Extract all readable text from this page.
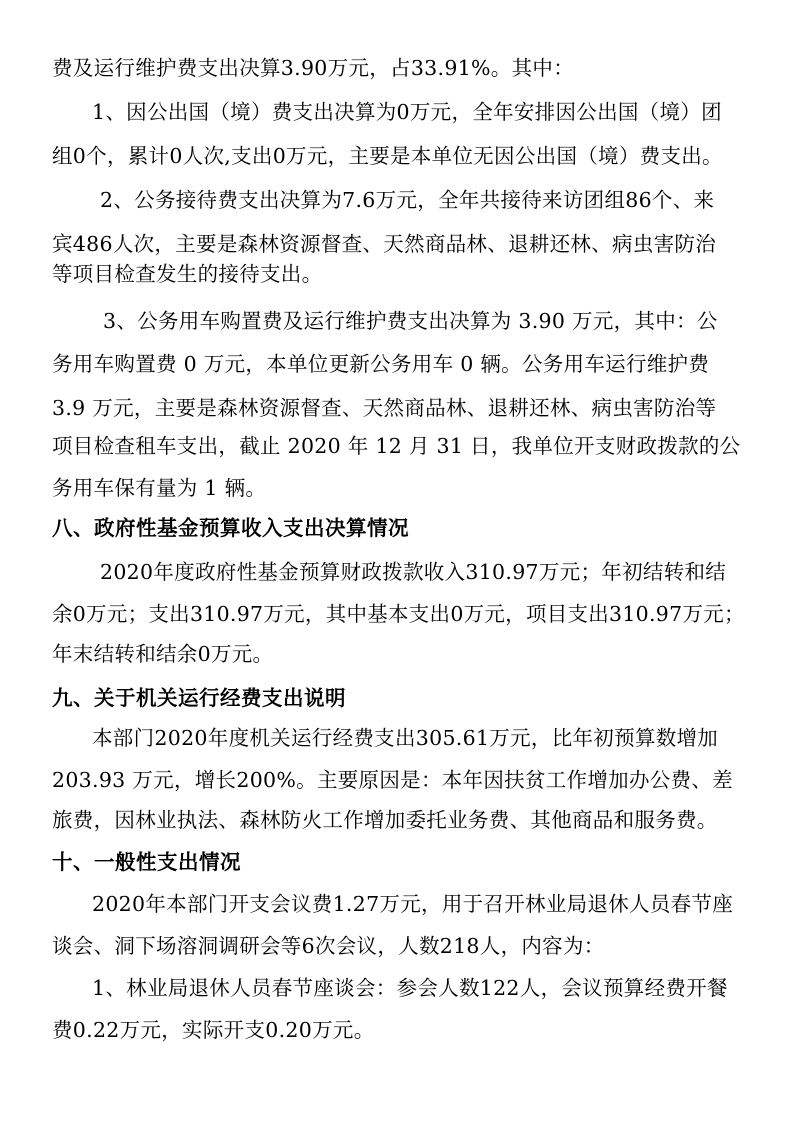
费及运行维护费支出决算3.90万元，占33.91%。其中：
1、因公出国（境）费支出决算为0万元，全年安排因公出国（境）团
组0个，累计0人次,支出0万元，主要是本单位无因公出国（境）费支出。
2、公务接待费支出决算为7.6万元，全年共接待来访团组86个、来
宾486人次，主要是森林资源督查、天然商品林、退耕还林、病虫害防治
等项目检查发生的接待支出。
3、公务用车购置费及运行维护费支出决算为 3.90 万元，其中：公
务用车购置费 0 万元，本单位更新公务用车 0 辆。公务用车运行维护费
3.9 万元，主要是森林资源督查、天然商品林、退耕还林、病虫害防治等
项目检查租车支出，截止 2020 年 12 月 31 日，我单位开支财政拨款的公
务用车保有量为 1 辆。
八、政府性基金预算收入支出决算情况
2020年度政府性基金预算财政拨款收入310.97万元；年初结转和结
余0万元；支出310.97万元，其中基本支出0万元，项目支出310.97万元；
年末结转和结余0万元。
九、关于机关运行经费支出说明
本部门2020年度机关运行经费支出305.61万元，比年初预算数增加
203.93 万元，增长200%。主要原因是：本年因扶贫工作增加办公费、差
旅费，因林业执法、森林防火工作增加委托业务费、其他商品和服务费。
十、一般性支出情况
2020年本部门开支会议费1.27万元，用于召开林业局退休人员春节座
谈会、洞下场溶洞调研会等6次会议，人数218人，内容为：
1、林业局退休人员春节座谈会：参会人数122人，会议预算经费开餐
费0.22万元，实际开支0.20万元。
